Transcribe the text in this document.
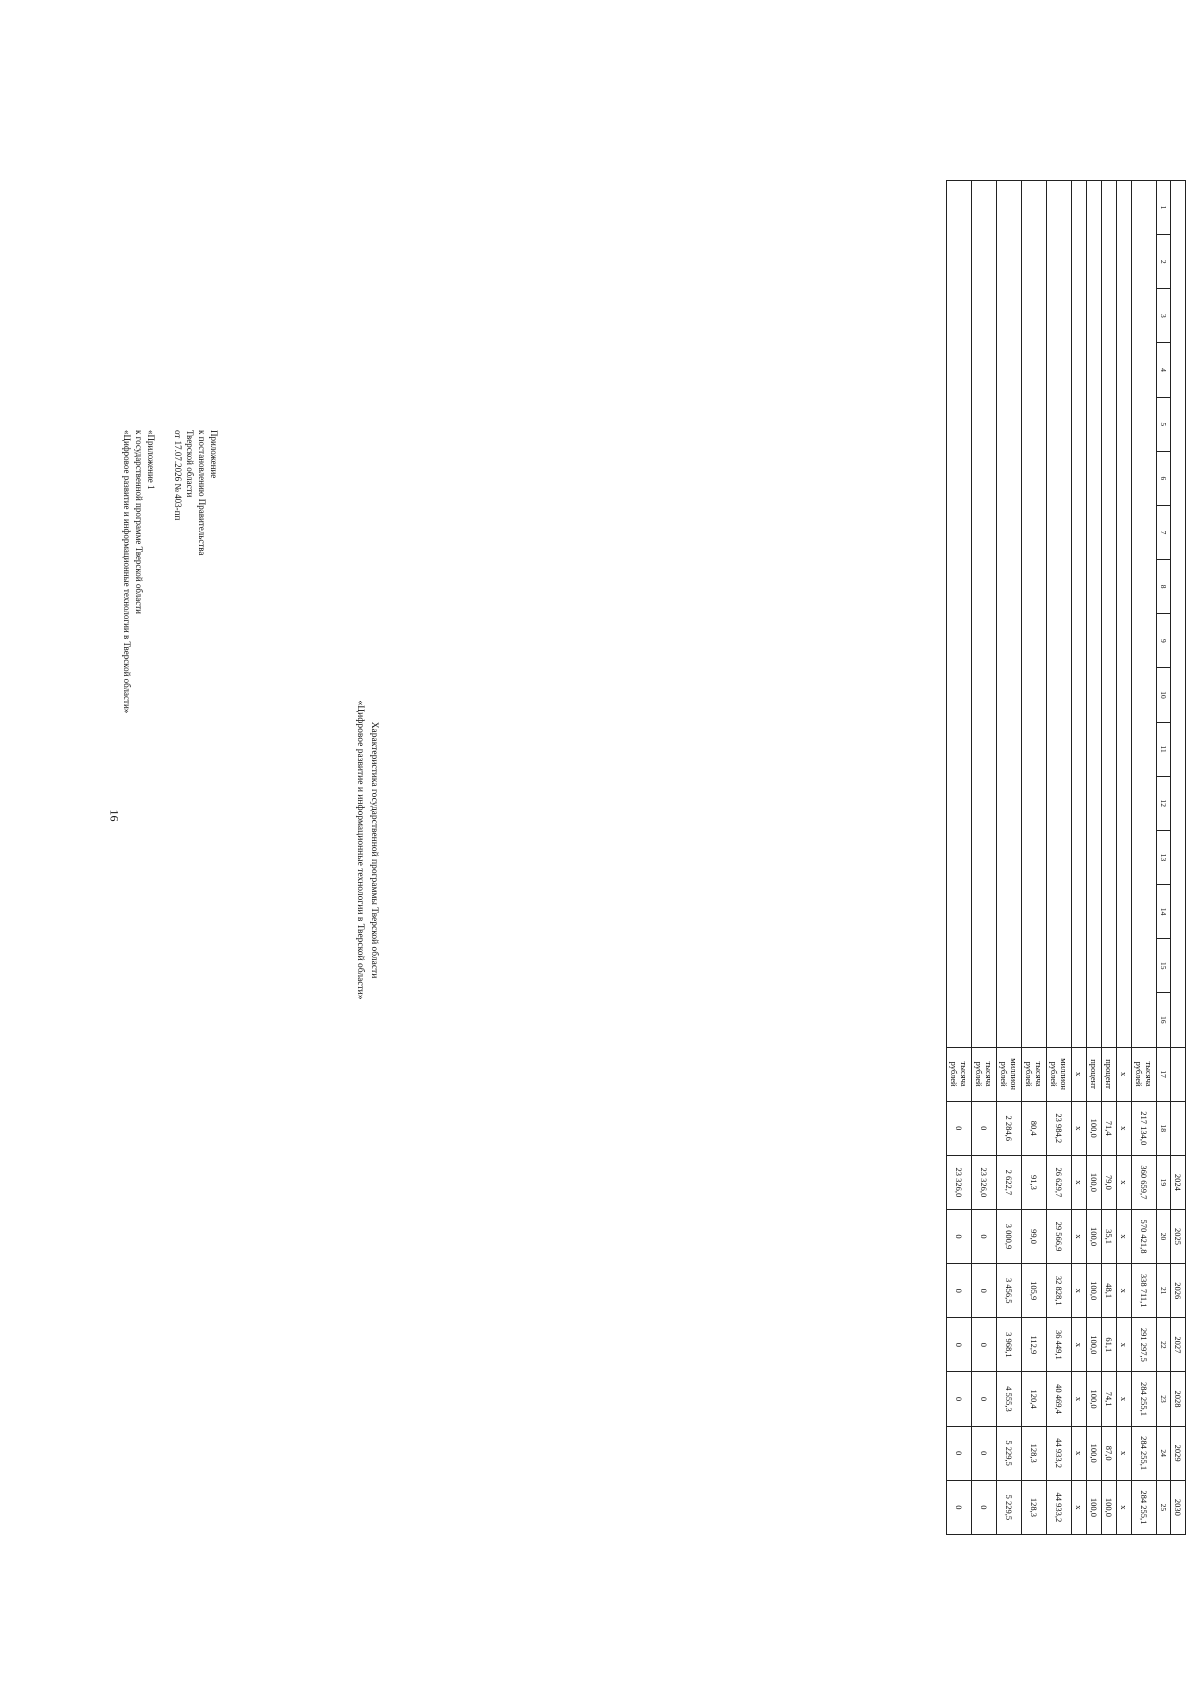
16
Приложение
к постановлению Правительства
Тверской области
от 17.07.2026 № 403-пп
«Приложение 1
к государственной программе Тверской области
«Цифровое развитие и информационные технологии в Тверской области»
Характеристика государственной программы Тверской области
«Цифровое развитие и информационные технологии в Тверской области»
																		2024	2025	2026	2027	2028	2029	2030
1	2	3	4	5	6	7	8	9	10	11	12	13	14	15	16	17	18	19	20	21	22	23	24	25
																тысяча рублей	217 134,0	360 659,7	570 421,8	338 711,1	291 297,5	284 255,1	284 255,1	284 255,1
																х	х	х	х	х	х	х	х	х
																процент	71,4	79,0	35,1	48,1	61,1	74,1	87,0	100,0
																процент	100,0	100,0	100,0	100,0	100,0	100,0	100,0	100,0
																х	х	х	х	х	х	х	х	х
																миллион рублей	23 984,2	26 629,7	29 566,9	32 828,1	36 449,1	40 469,4	44 933,2	44 933,2
																тысяча рублей	80,4	91,3	99,0	105,9	112,9	120,4	128,3	128,3
																миллион рублей	2 284,6	2 622,7	3 000,9	3 456,5	3 968,1	4 555,3	5 229,5	5 229,5
																тысяча рублей	0	23 326,0	0	0	0	0	0	0
																тысяча рублей	0	23 326,0	0	0	0	0	0	0
